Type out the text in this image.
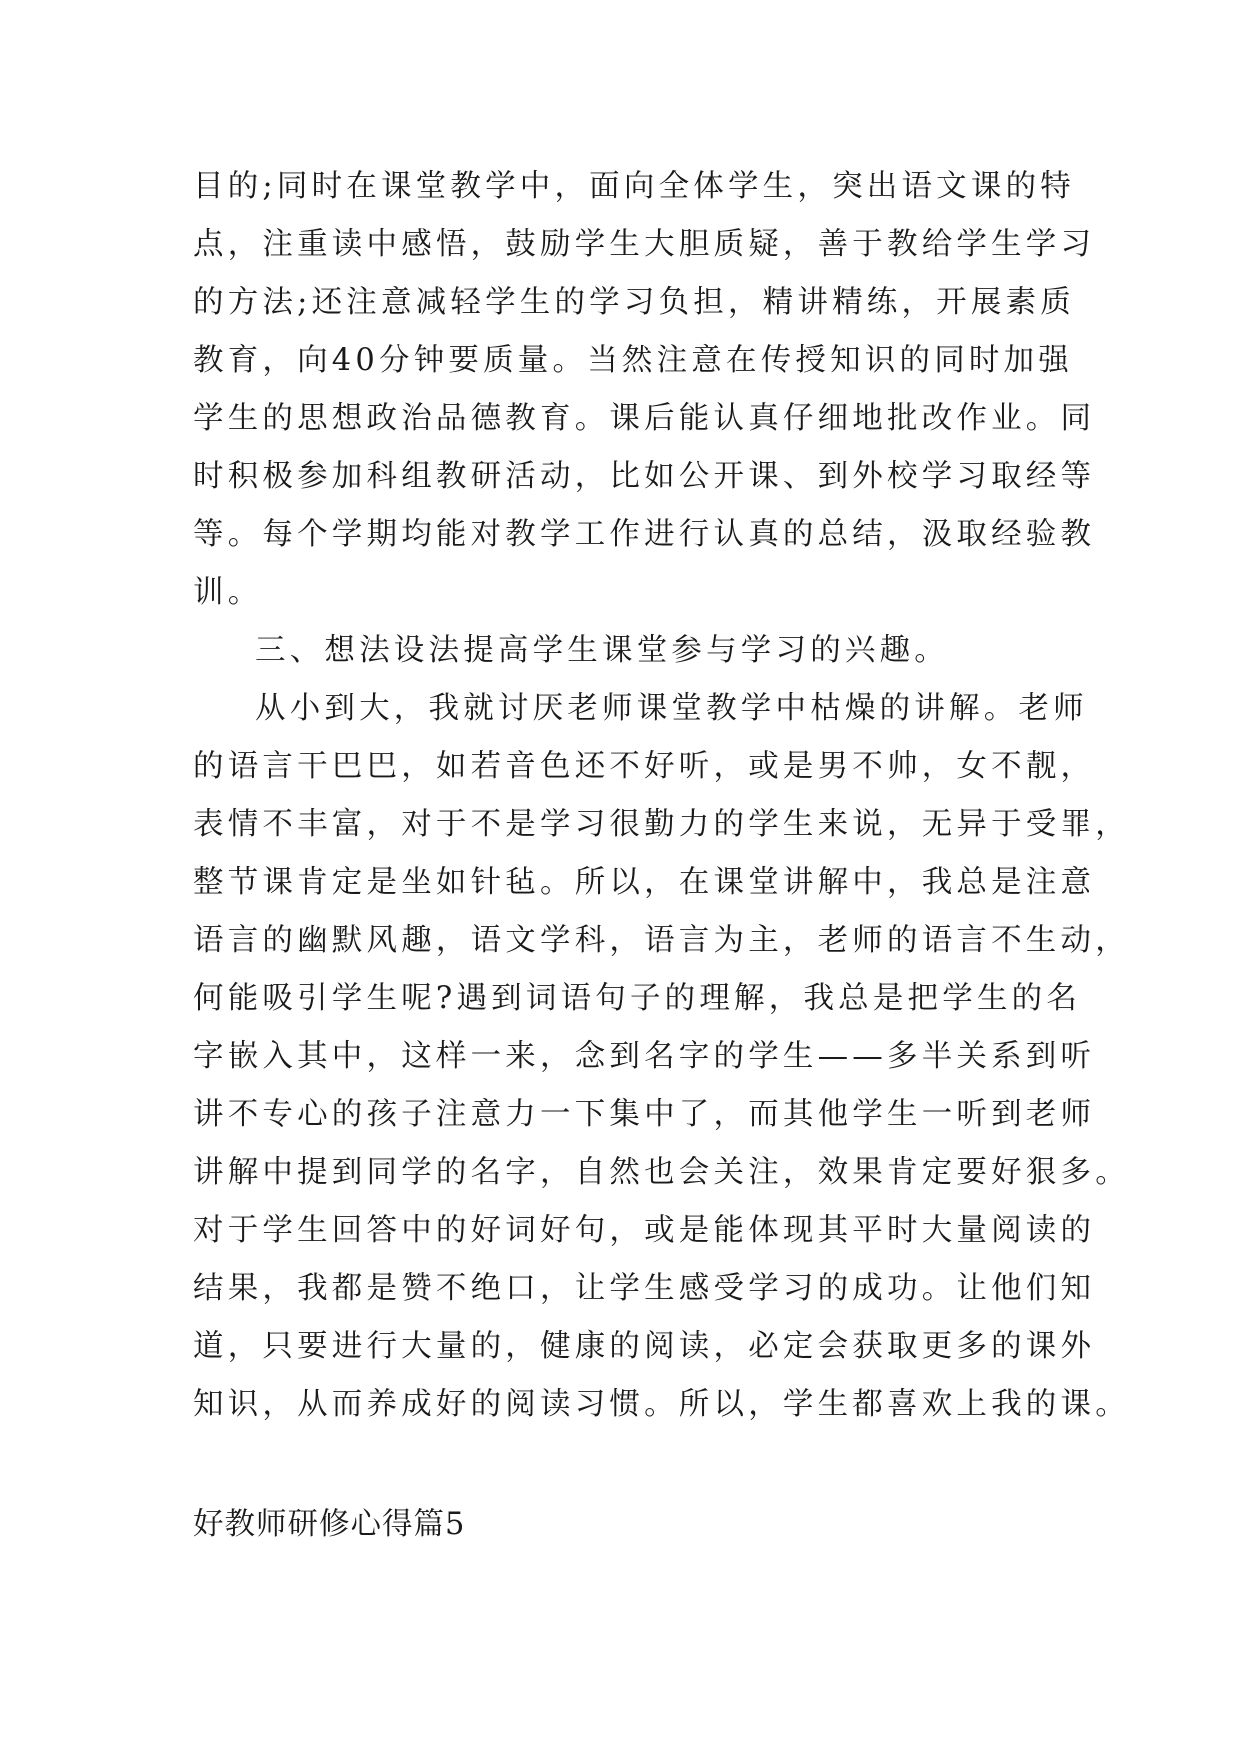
目的;同时在课堂教学中，面向全体学生，突出语文课的特
点，注重读中感悟，鼓励学生大胆质疑，善于教给学生学习
的方法;还注意减轻学生的学习负担，精讲精练，开展素质
教育，向40分钟要质量。当然注意在传授知识的同时加强
学生的思想政治品德教育。课后能认真仔细地批改作业。同
时积极参加科组教研活动，比如公开课、到外校学习取经等
等。每个学期均能对教学工作进行认真的总结，汲取经验教
训。
三、想法设法提高学生课堂参与学习的兴趣。
从小到大，我就讨厌老师课堂教学中枯燥的讲解。老师
的语言干巴巴，如若音色还不好听，或是男不帅，女不靓，
表情不丰富，对于不是学习很勤力的学生来说，无异于受罪，
整节课肯定是坐如针毡。所以，在课堂讲解中，我总是注意
语言的幽默风趣，语文学科，语言为主，老师的语言不生动，
何能吸引学生呢?遇到词语句子的理解，我总是把学生的名
字嵌入其中，这样一来，念到名字的学生——多半关系到听
讲不专心的孩子注意力一下集中了，而其他学生一听到老师
讲解中提到同学的名字，自然也会关注，效果肯定要好狠多。
对于学生回答中的好词好句，或是能体现其平时大量阅读的
结果，我都是赞不绝口，让学生感受学习的成功。让他们知
道，只要进行大量的，健康的阅读，必定会获取更多的课外
知识，从而养成好的阅读习惯。所以，学生都喜欢上我的课。
好教师研修心得篇5
